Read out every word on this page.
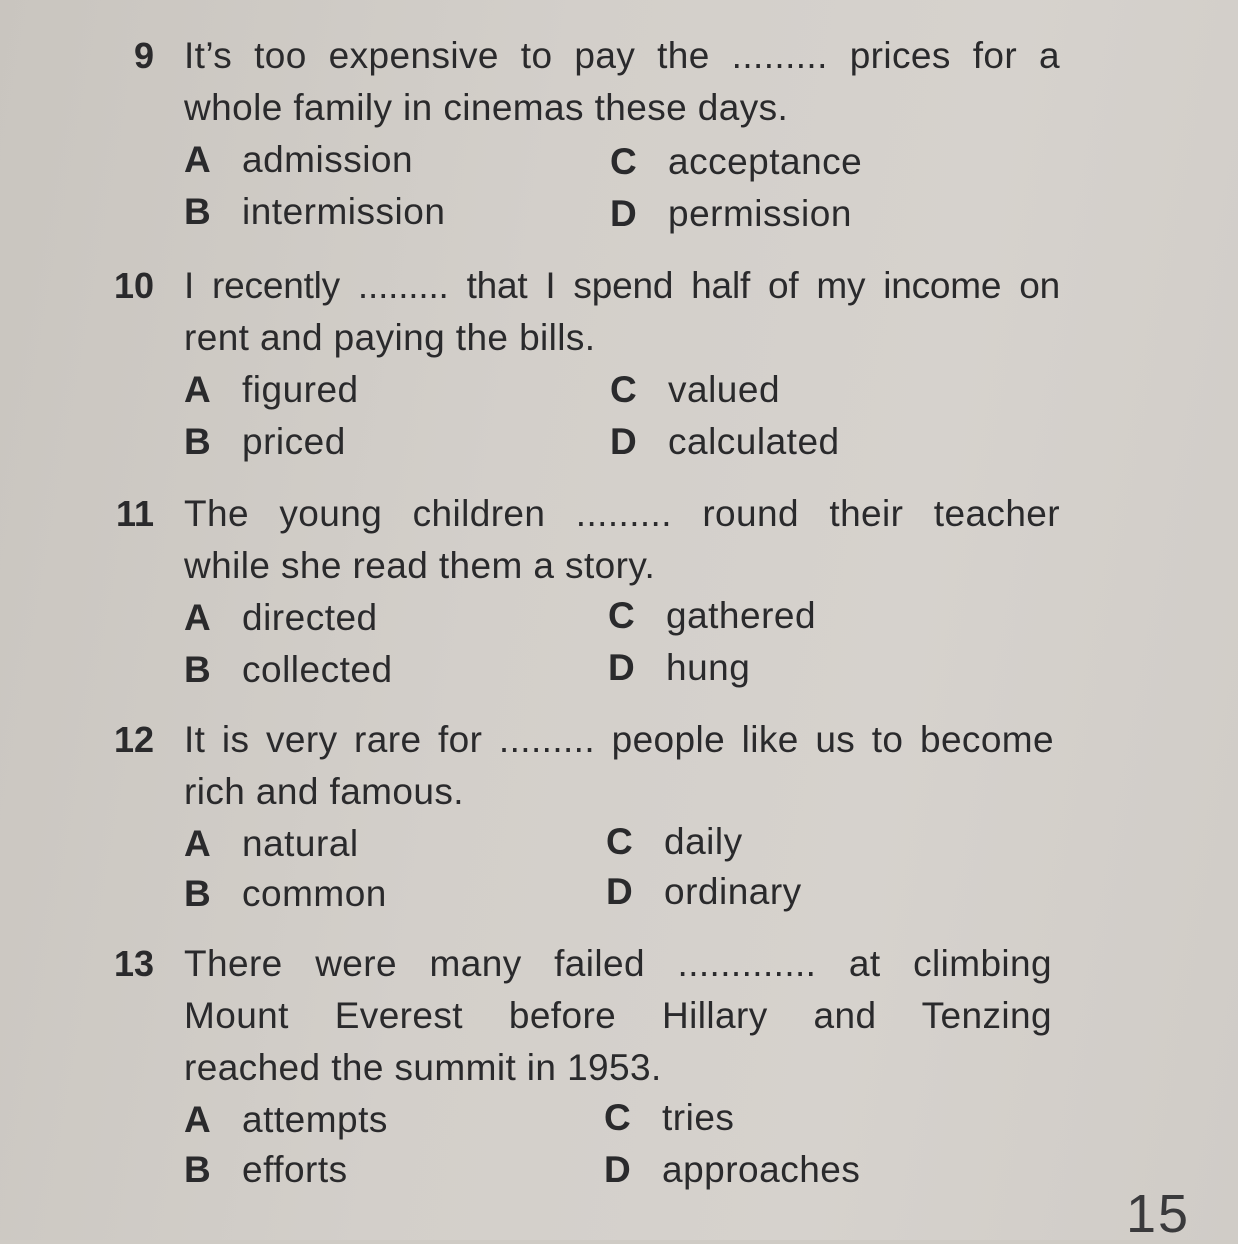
9 It’s too expensive to pay the ......... prices for a
whole family in cinemas these days.
A admission
B intermission
C acceptance
D permission
10 I recently ......... that I spend half of my income on
rent and paying the bills.
A figured
B priced
C valued
D calculated
11 The young children ......... round their teacher
while she read them a story.
A directed
B collected
C gathered
D hung
12 It is very rare for ......... people like us to become
rich and famous.
A natural
B common
C daily
D ordinary
13 There were many failed ............. at climbing
Mount Everest before Hillary and Tenzing
reached the summit in 1953.
A attempts
B efforts
C tries
D approaches
15
